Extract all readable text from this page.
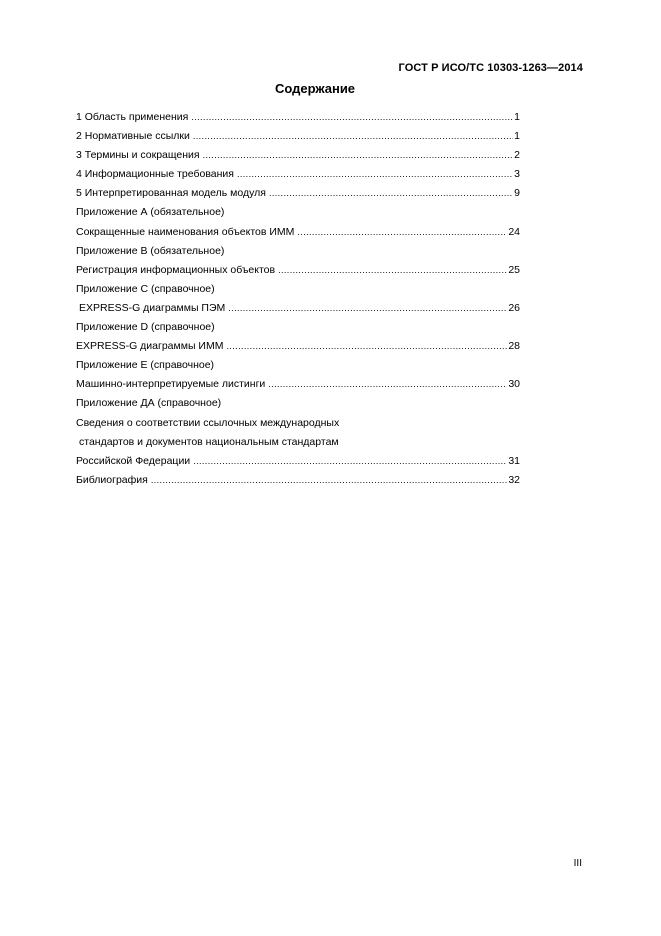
ГОСТ Р ИСО/ТС 10303-1263—2014
Содержание
1 Область применения .....	1
2 Нормативные ссылки .....	1
3 Термины и сокращения .....	2
4 Информационные требования .....	3
5 Интерпретированная модель модуля .....	9
Приложение А (обязательное)
Сокращенные наименования объектов ИММ .....	24
Приложение В (обязательное)
Регистрация информационных объектов .....	25
Приложение С (справочное)
EXPRESS-G диаграммы ПЭМ .....	26
Приложение D (справочное)
EXPRESS-G диаграммы ИММ .....	28
Приложение Е (справочное)
Машинно-интерпретируемые листинги .....	30
Приложение ДА (справочное)
Сведения о соответствии ссылочных международных
стандартов и документов национальным стандартам
Российской Федерации .....	31
Библиография .....	32
III
